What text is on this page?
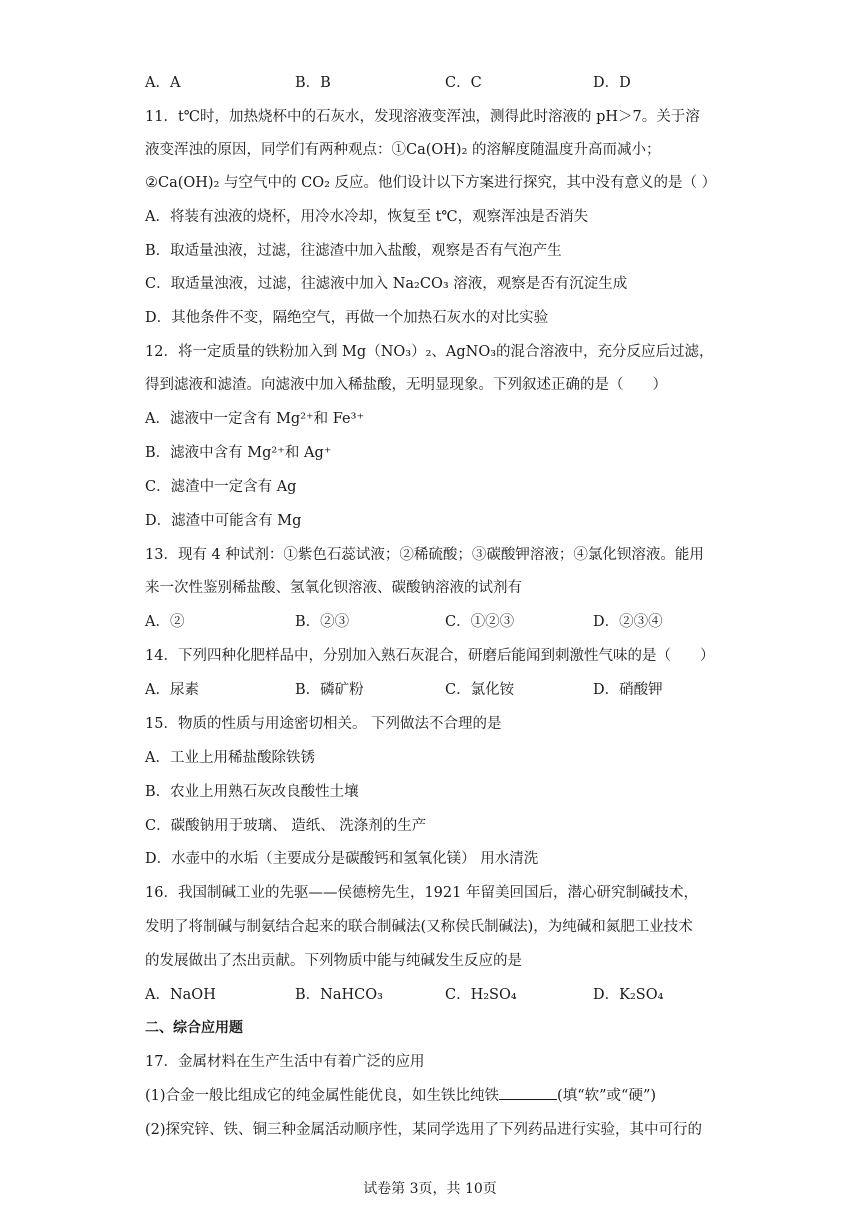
A．A	B．B	C．C	D．D
11．t℃时，加热烧杯中的石灰水，发现溶液变浑浊，测得此时溶液的 pH＞7。关于溶
液变浑浊的原因，同学们有两种观点：①Ca(OH)₂ 的溶解度随温度升高而减小；
②Ca(OH)₂ 与空气中的 CO₂ 反应。他们设计以下方案进行探究，其中没有意义的是（ ）
A．将装有浊液的烧杯，用冷水冷却，恢复至 t℃，观察浑浊是否消失
B．取适量浊液，过滤，往滤渣中加入盐酸，观察是否有气泡产生
C．取适量浊液，过滤，往滤液中加入 Na₂CO₃ 溶液，观察是否有沉淀生成
D．其他条件不变，隔绝空气，再做一个加热石灰水的对比实验
12．将一定质量的铁粉加入到 Mg（NO₃）₂、AgNO₃的混合溶液中，充分反应后过滤，
得到滤液和滤渣。向滤液中加入稀盐酸，无明显现象。下列叙述正确的是（　　）
A．滤液中一定含有 Mg²⁺和 Fe³⁺
B．滤液中含有 Mg²⁺和 Ag⁺
C．滤渣中一定含有 Ag
D．滤渣中可能含有 Mg
13．现有 4 种试剂：①紫色石蕊试液；②稀硫酸；③碳酸钾溶液；④氯化钡溶液。能用
来一次性鉴别稀盐酸、氢氧化钡溶液、碳酸钠溶液的试剂有
A．②	B．②③	C．①②③	D．②③④
14．下列四种化肥样品中，分别加入熟石灰混合，研磨后能闻到刺激性气味的是（　　）
A．尿素	B．磷矿粉	C．氯化铵	D．硝酸钾
15．物质的性质与用途密切相关。 下列做法不合理的是
A．工业上用稀盐酸除铁锈
B．农业上用熟石灰改良酸性土壤
C．碳酸钠用于玻璃、 造纸、 洗涤剂的生产
D．水壶中的水垢（主要成分是碳酸钙和氢氧化镁） 用水清洗
16．我国制碱工业的先驱——侯德榜先生，1921 年留美回国后，潜心研究制碱技术，
发明了将制碱与制氨结合起来的联合制碱法(又称侯氏制碱法)，为纯碱和氮肥工业技术
的发展做出了杰出贡献。下列物质中能与纯碱发生反应的是
A．NaOH	B．NaHCO₃	C．H₂SO₄	D．K₂SO₄
二、综合应用题
17．金属材料在生产生活中有着广泛的应用
(1)合金一般比组成它的纯金属性能优良，如生铁比纯铁	(填“软”或“硬”)
(2)探究锌、铁、铜三种金属活动顺序性，某同学选用了下列药品进行实验，其中可行的
试卷第 3页，共 10页
